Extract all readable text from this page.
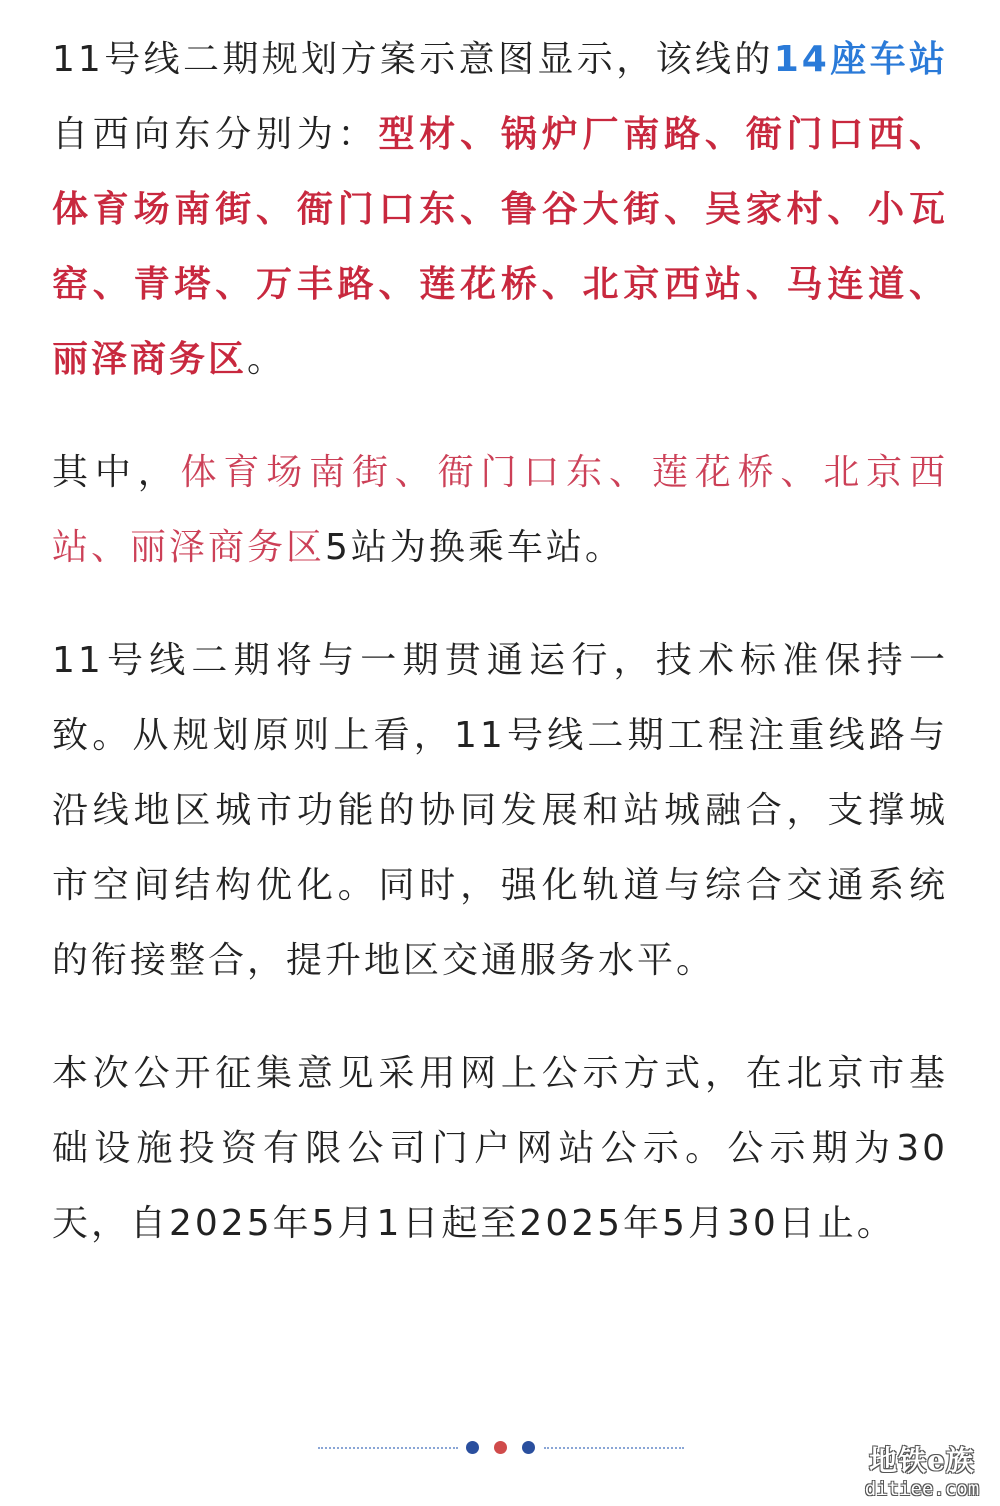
11号线二期规划方案示意图显示，该线的14座车站自西向东分别为：型材、锅炉厂南路、衙门口西、体育场南街、衙门口东、鲁谷大街、吴家村、小瓦窑、青塔、万丰路、莲花桥、北京西站、马连道、丽泽商务区。

其中，体育场南街、衙门口东、莲花桥、北京西站、丽泽商务区5站为换乘车站。

11号线二期将与一期贯通运行，技术标准保持一致。从规划原则上看，11号线二期工程注重线路与沿线地区城市功能的协同发展和站城融合，支撑城市空间结构优化。同时，强化轨道与综合交通系统的衔接整合，提升地区交通服务水平。

本次公开征集意见采用网上公示方式，在北京市基础设施投资有限公司门户网站公示。公示期为30天，自2025年5月1日起至2025年5月30日止。

地铁e族
ditiee.com
